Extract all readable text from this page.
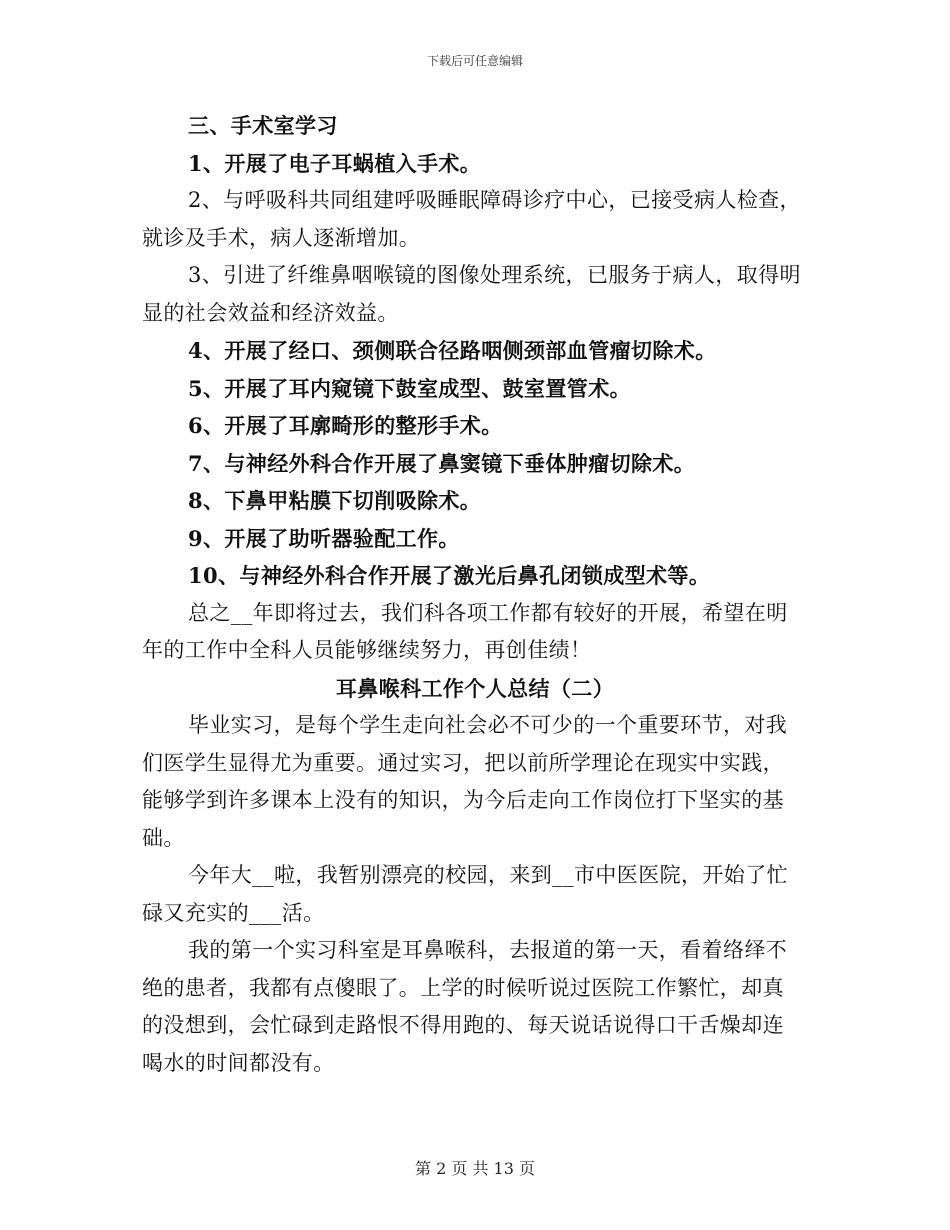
下载后可任意编辑

三、手术室学习

1、开展了电子耳蜗植入手术。

2、与呼吸科共同组建呼吸睡眠障碍诊疗中心，已接受病人检查，

就诊及手术，病人逐渐增加。

3、引进了纤维鼻咽喉镜的图像处理系统，已服务于病人，取得明

显的社会效益和经济效益。

4、开展了经口、颈侧联合径路咽侧颈部血管瘤切除术。

5、开展了耳内窥镜下鼓室成型、鼓室置管术。

6、开展了耳廓畸形的整形手术。

7、与神经外科合作开展了鼻窦镜下垂体肿瘤切除术。

8、下鼻甲粘膜下切削吸除术。

9、开展了助听器验配工作。

10、与神经外科合作开展了激光后鼻孔闭锁成型术等。

总之__年即将过去，我们科各项工作都有较好的开展，希望在明

年的工作中全科人员能够继续努力，再创佳绩！

耳鼻喉科工作个人总结（二）

毕业实习，是每个学生走向社会必不可少的一个重要环节，对我

们医学生显得尤为重要。通过实习，把以前所学理论在现实中实践，

能够学到许多课本上没有的知识，为今后走向工作岗位打下坚实的基

础。

今年大__啦，我暂别漂亮的校园，来到__市中医医院，开始了忙

碌又充实的___活。

我的第一个实习科室是耳鼻喉科，去报道的第一天，看着络绎不

绝的患者，我都有点傻眼了。上学的时候听说过医院工作繁忙，却真

的没想到，会忙碌到走路恨不得用跑的、每天说话说得口干舌燥却连

喝水的时间都没有。

第 2 页 共 13 页
